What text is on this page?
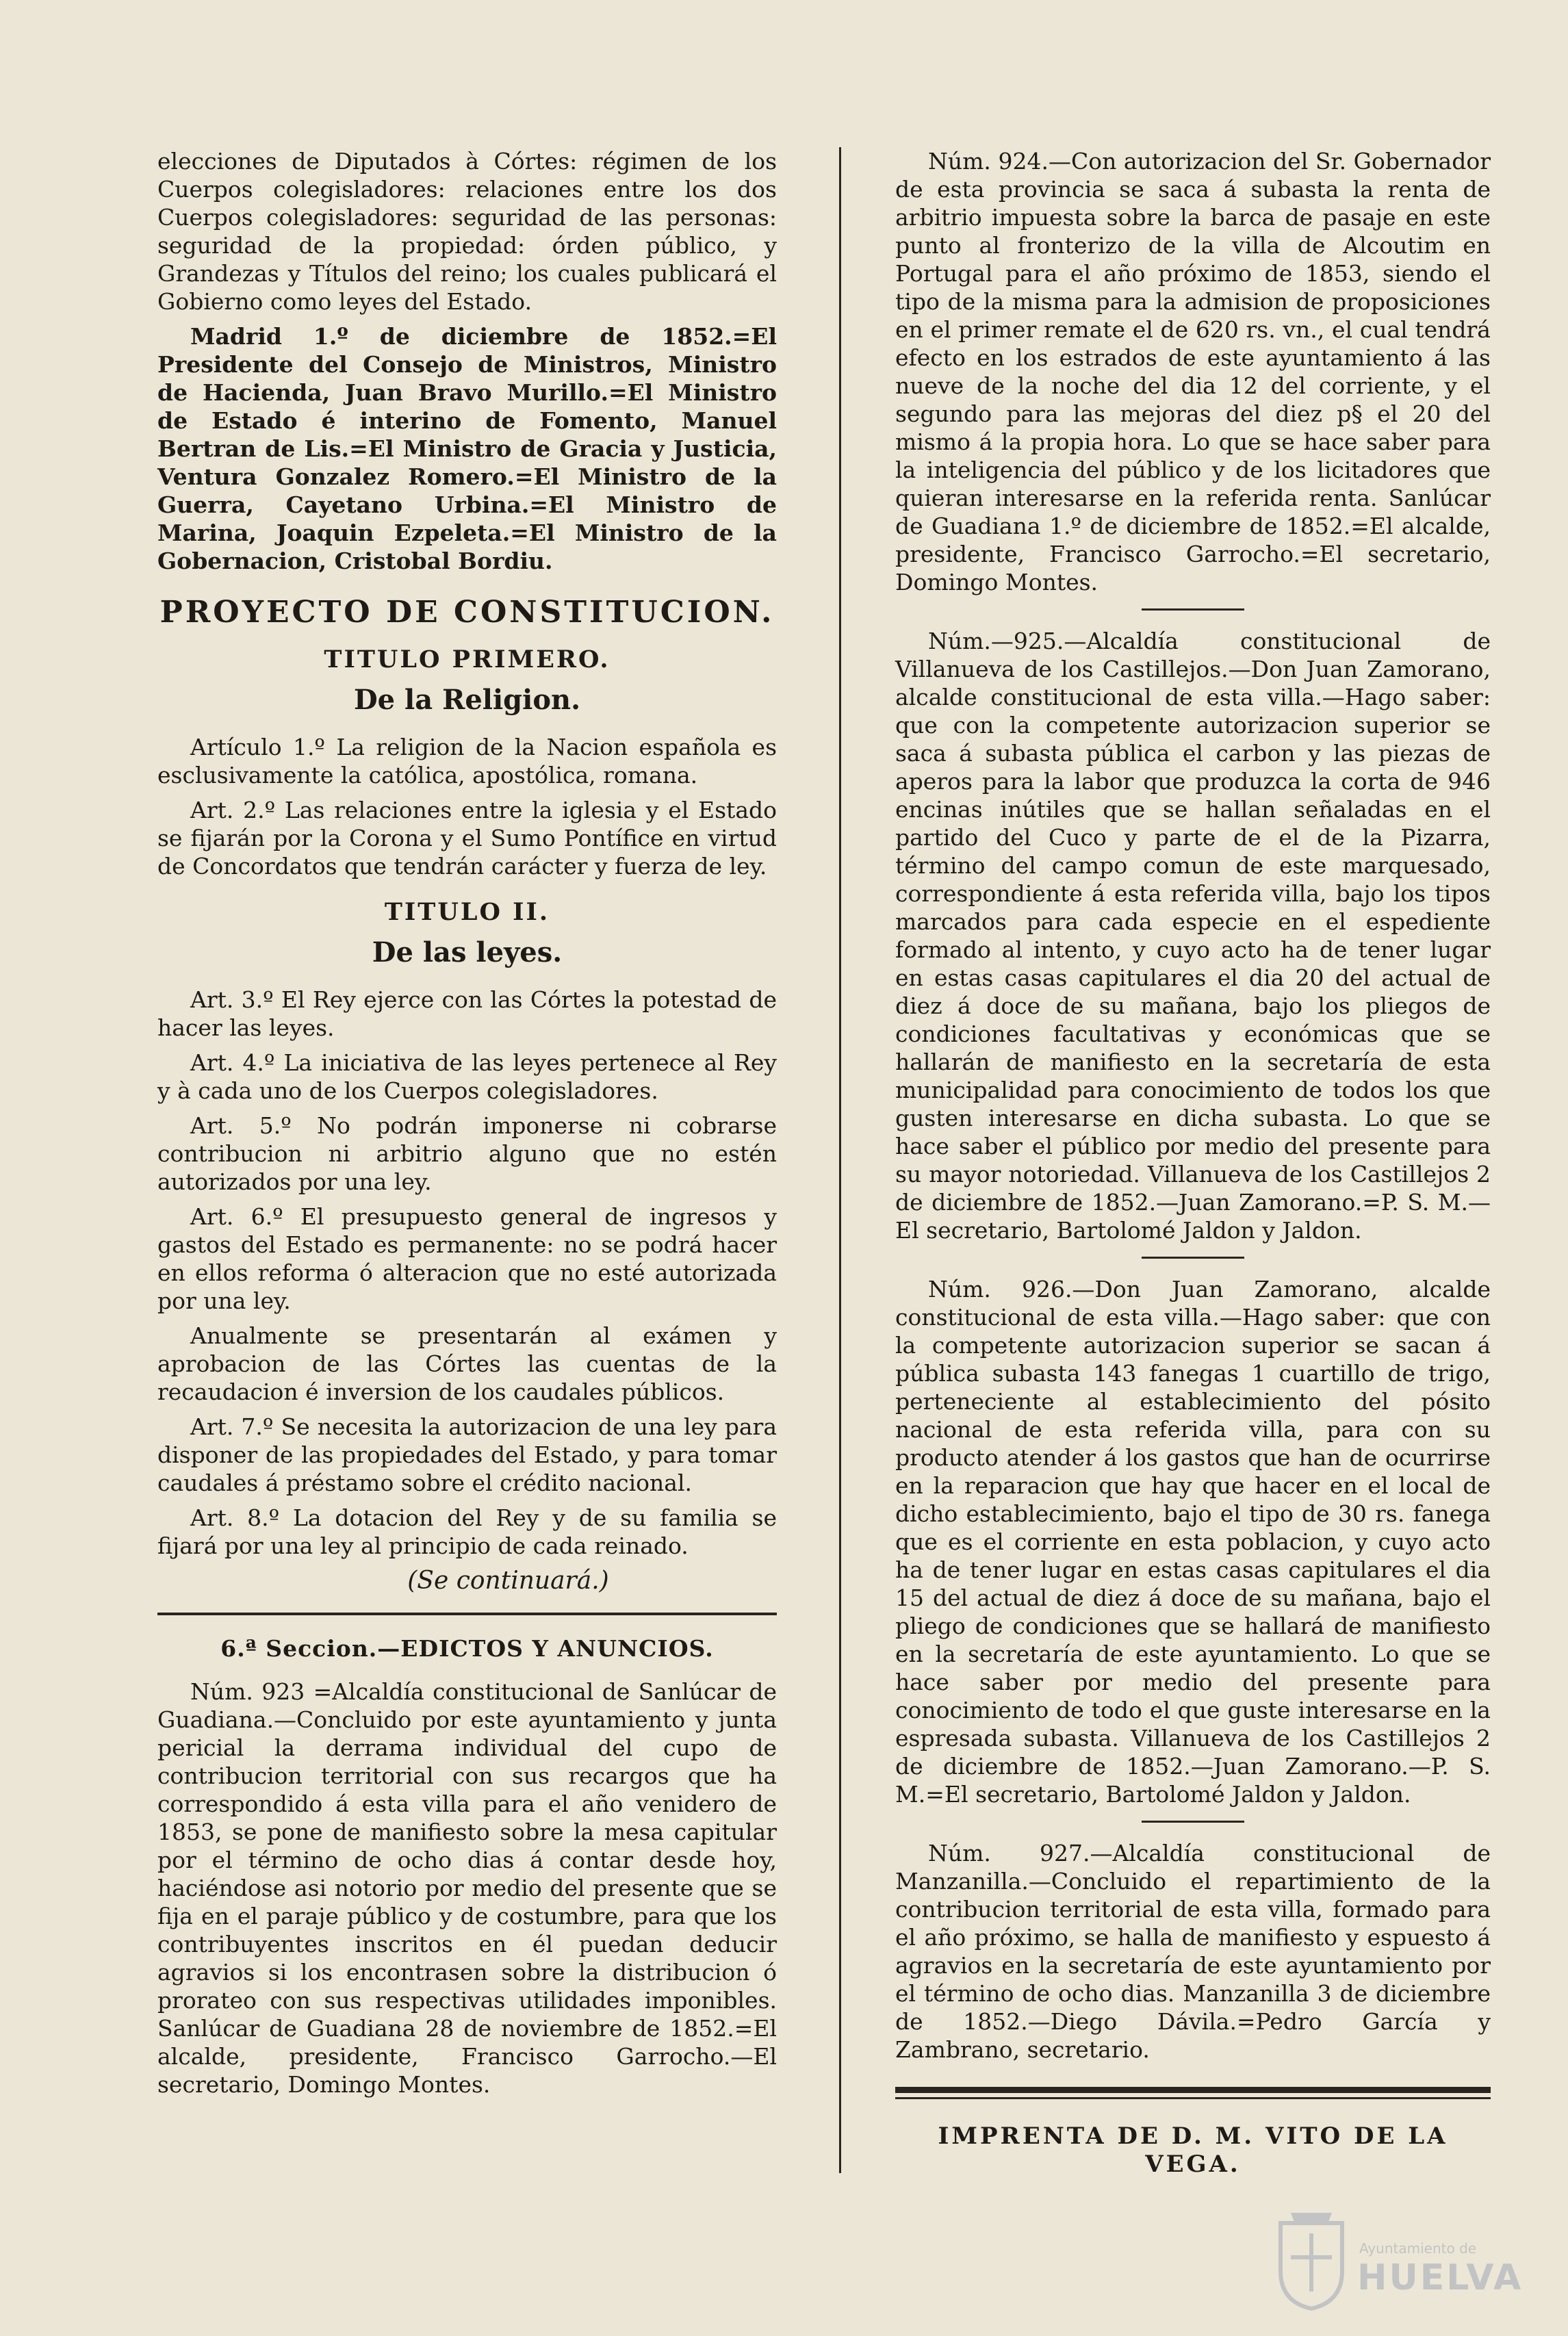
elecciones de Diputados à Córtes: régimen de los Cuerpos colegisladores: relaciones entre los dos Cuerpos colegisladores: seguridad de las personas: seguridad de la propiedad: órden público, y Grandezas y Títulos del reino; los cuales publicará el Gobierno como leyes del Estado.

Madrid 1.º de diciembre de 1852.=El Presidente del Consejo de Ministros, Ministro de Hacienda, Juan Bravo Murillo.=El Ministro de Estado é interino de Fomento, Manuel Bertran de Lis.=El Ministro de Gracia y Justicia, Ventura Gonzalez Romero.=El Ministro de la Guerra, Cayetano Urbina.=El Ministro de Marina, Joaquin Ezpeleta.=El Ministro de la Gobernacion, Cristobal Bordiu.

PROYECTO DE CONSTITUCION.
TITULO PRIMERO.
De la Religion.

Artículo 1.º La religion de la Nacion española es esclusivamente la católica, apostólica, romana.

Art. 2.º Las relaciones entre la iglesia y el Estado se fijarán por la Corona y el Sumo Pontífice en virtud de Concordatos que tendrán carácter y fuerza de ley.

TITULO II.
De las leyes.

Art. 3.º El Rey ejerce con las Córtes la potestad de hacer las leyes.

Art. 4.º La iniciativa de las leyes pertenece al Rey y à cada uno de los Cuerpos colegisladores.

Art. 5.º No podrán imponerse ni cobrarse contribucion ni arbitrio alguno que no estén autorizados por una ley.

Art. 6.º El presupuesto general de ingresos y gastos del Estado es permanente: no se podrá hacer en ellos reforma ó alteracion que no esté autorizada por una ley.

Anualmente se presentarán al exámen y aprobacion de las Córtes las cuentas de la recaudacion é inversion de los caudales públicos.

Art. 7.º Se necesita la autorizacion de una ley para disponer de las propiedades del Estado, y para tomar caudales á préstamo sobre el crédito nacional.

Art. 8.º La dotacion del Rey y de su familia se fijará por una ley al principio de cada reinado.

(Se continuará.)
6.ª Seccion.—EDICTOS Y ANUNCIOS.

Núm. 923 =Alcaldía constitucional de Sanlúcar de Guadiana.—Concluido por este ayuntamiento y junta pericial la derrama individual del cupo de contribucion territorial con sus recargos que ha correspondido á esta villa para el año venidero de 1853, se pone de manifiesto sobre la mesa capitular por el término de ocho dias á contar desde hoy, haciéndose asi notorio por medio del presente que se fija en el paraje público y de costumbre, para que los contribuyentes inscritos en él puedan deducir agravios si los encontrasen sobre la distribucion ó prorateo con sus respectivas utilidades imponibles. Sanlúcar de Guadiana 28 de noviembre de 1852.=El alcalde, presidente, Francisco Garrocho.—El secretario, Domingo Montes.

Núm. 924.—Con autorizacion del Sr. Gobernador de esta provincia se saca á subasta la renta de arbitrio impuesta sobre la barca de pasaje en este punto al fronterizo de la villa de Alcoutim en Portugal para el año próximo de 1853, siendo el tipo de la misma para la admision de proposiciones en el primer remate el de 620 rs. vn., el cual tendrá efecto en los estrados de este ayuntamiento á las nueve de la noche del dia 12 del corriente, y el segundo para las mejoras del diez p§ el 20 del mismo á la propia hora. Lo que se hace saber para la inteligencia del público y de los licitadores que quieran interesarse en la referida renta. Sanlúcar de Guadiana 1.º de diciembre de 1852.=El alcalde, presidente, Francisco Garrocho.=El secretario, Domingo Montes.

Núm.—925.—Alcaldía constitucional de Villanueva de los Castillejos.—Don Juan Zamorano, alcalde constitucional de esta villa.—Hago saber: que con la competente autorizacion superior se saca á subasta pública el carbon y las piezas de aperos para la labor que produzca la corta de 946 encinas inútiles que se hallan señaladas en el partido del Cuco y parte de el de la Pizarra, término del campo comun de este marquesado, correspondiente á esta referida villa, bajo los tipos marcados para cada especie en el espediente formado al intento, y cuyo acto ha de tener lugar en estas casas capitulares el dia 20 del actual de diez á doce de su mañana, bajo los pliegos de condiciones facultativas y económicas que se hallarán de manifiesto en la secretaría de esta municipalidad para conocimiento de todos los que gusten interesarse en dicha subasta. Lo que se hace saber el público por medio del presente para su mayor notoriedad. Villanueva de los Castillejos 2 de diciembre de 1852.—Juan Zamorano.=P. S. M.—El secretario, Bartolomé Jaldon y Jaldon.

Núm. 926.—Don Juan Zamorano, alcalde constitucional de esta villa.—Hago saber: que con la competente autorizacion superior se sacan á pública subasta 143 fanegas 1 cuartillo de trigo, perteneciente al establecimiento del pósito nacional de esta referida villa, para con su producto atender á los gastos que han de ocurrirse en la reparacion que hay que hacer en el local de dicho establecimiento, bajo el tipo de 30 rs. fanega que es el corriente en esta poblacion, y cuyo acto ha de tener lugar en estas casas capitulares el dia 15 del actual de diez á doce de su mañana, bajo el pliego de condiciones que se hallará de manifiesto en la secretaría de este ayuntamiento. Lo que se hace saber por medio del presente para conocimiento de todo el que guste interesarse en la espresada subasta. Villanueva de los Castillejos 2 de diciembre de 1852.—Juan Zamorano.—P. S. M.=El secretario, Bartolomé Jaldon y Jaldon.

Núm. 927.—Alcaldía constitucional de Manzanilla.—Concluido el repartimiento de la contribucion territorial de esta villa, formado para el año próximo, se halla de manifiesto y espuesto á agravios en la secretaría de este ayuntamiento por el término de ocho dias. Manzanilla 3 de diciembre de 1852.—Diego Dávila.=Pedro García y Zambrano, secretario.

IMPRENTA DE D. M. VITO DE LA VEGA.
Ayuntamiento de
HUELVA
